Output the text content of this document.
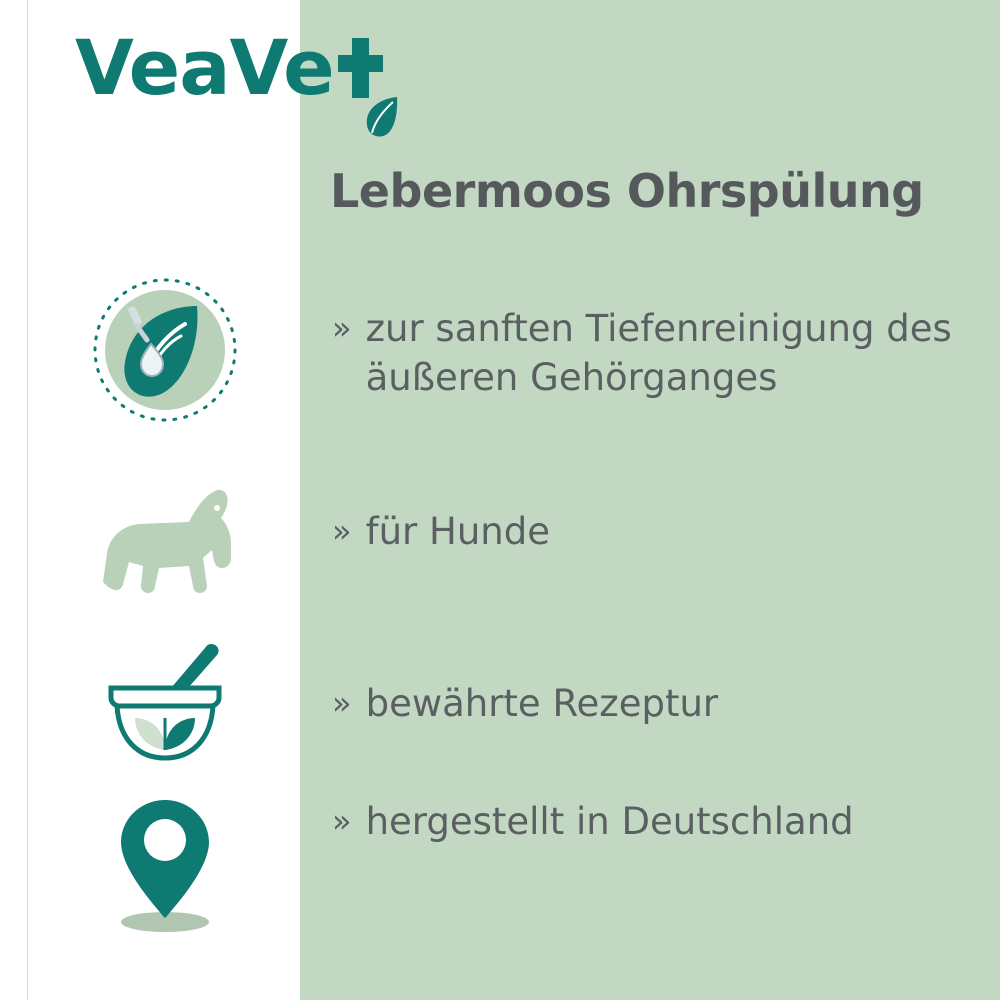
VeaVe
Lebermoos Ohrspülung
» zur sanften Tiefenreinigung des äußeren Gehörganges
» für Hunde
» bewährte Rezeptur
» hergestellt in Deutschland
